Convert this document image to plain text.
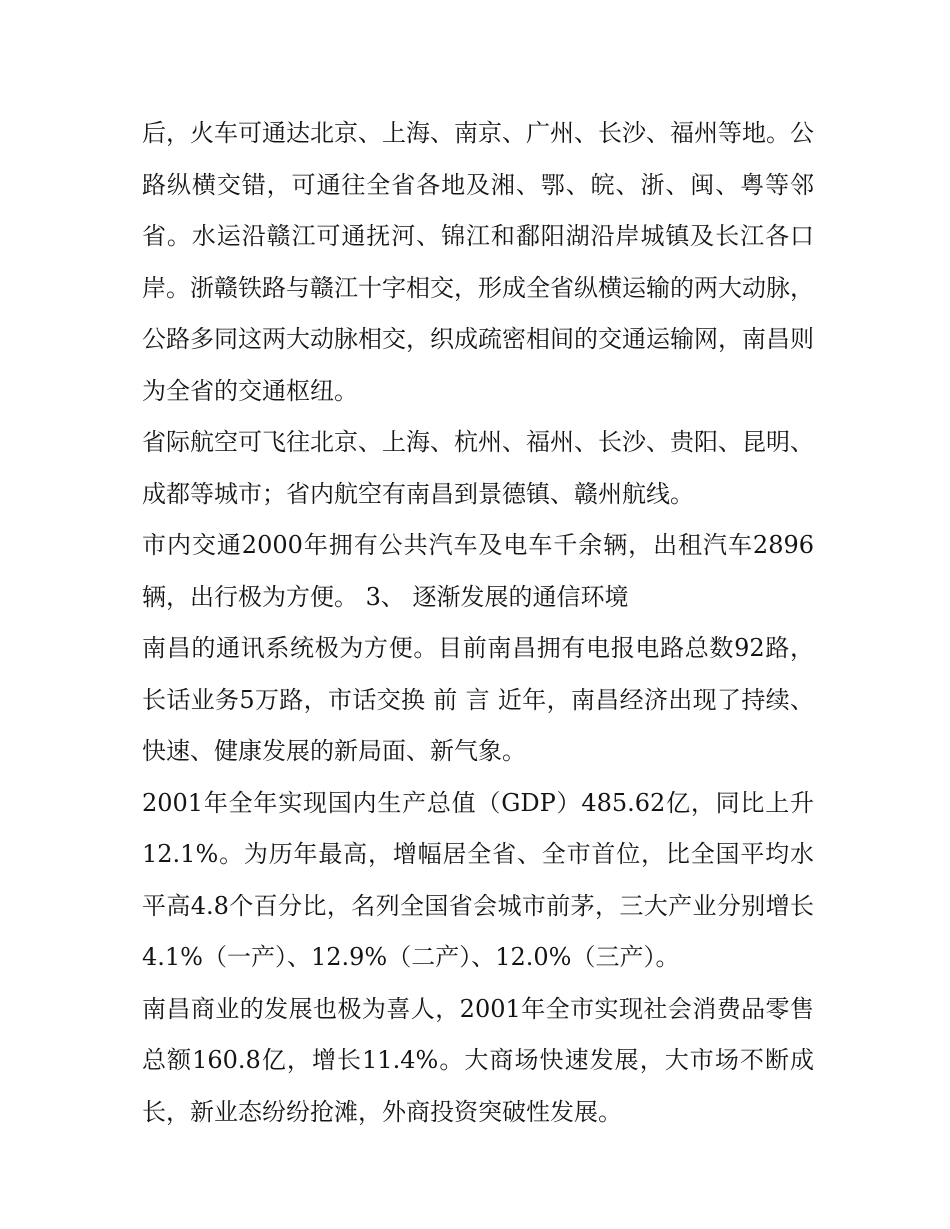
后，火车可通达北京、上海、南京、广州、长沙、福州等地。公路纵横交错，可通往全省各地及湘、鄂、皖、浙、闽、粤等邻省。水运沿赣江可通抚河、锦江和鄱阳湖沿岸城镇及长江各口岸。浙赣铁路与赣江十字相交，形成全省纵横运输的两大动脉，公路多同这两大动脉相交，织成疏密相间的交通运输网，南昌则为全省的交通枢纽。

省际航空可飞往北京、上海、杭州、福州、长沙、贵阳、昆明、成都等城市；省内航空有南昌到景德镇、赣州航线。

市内交通2000年拥有公共汽车及电车千余辆，出租汽车2896辆，出行极为方便。 3、 逐渐发展的通信环境

南昌的通讯系统极为方便。目前南昌拥有电报电路总数92路，长话业务5万路，市话交换 前 言 近年，南昌经济出现了持续、快速、健康发展的新局面、新气象。

2001年全年实现国内生产总值（GDP）485.62亿，同比上升12.1%。为历年最高，增幅居全省、全市首位，比全国平均水平高4.8个百分比，名列全国省会城市前茅，三大产业分别增长4.1%（一产）、12.9%（二产）、12.0%（三产）。

南昌商业的发展也极为喜人，2001年全市实现社会消费品零售总额160.8亿，增长11.4%。大商场快速发展，大市场不断成长，新业态纷纷抢滩，外商投资突破性发展。
